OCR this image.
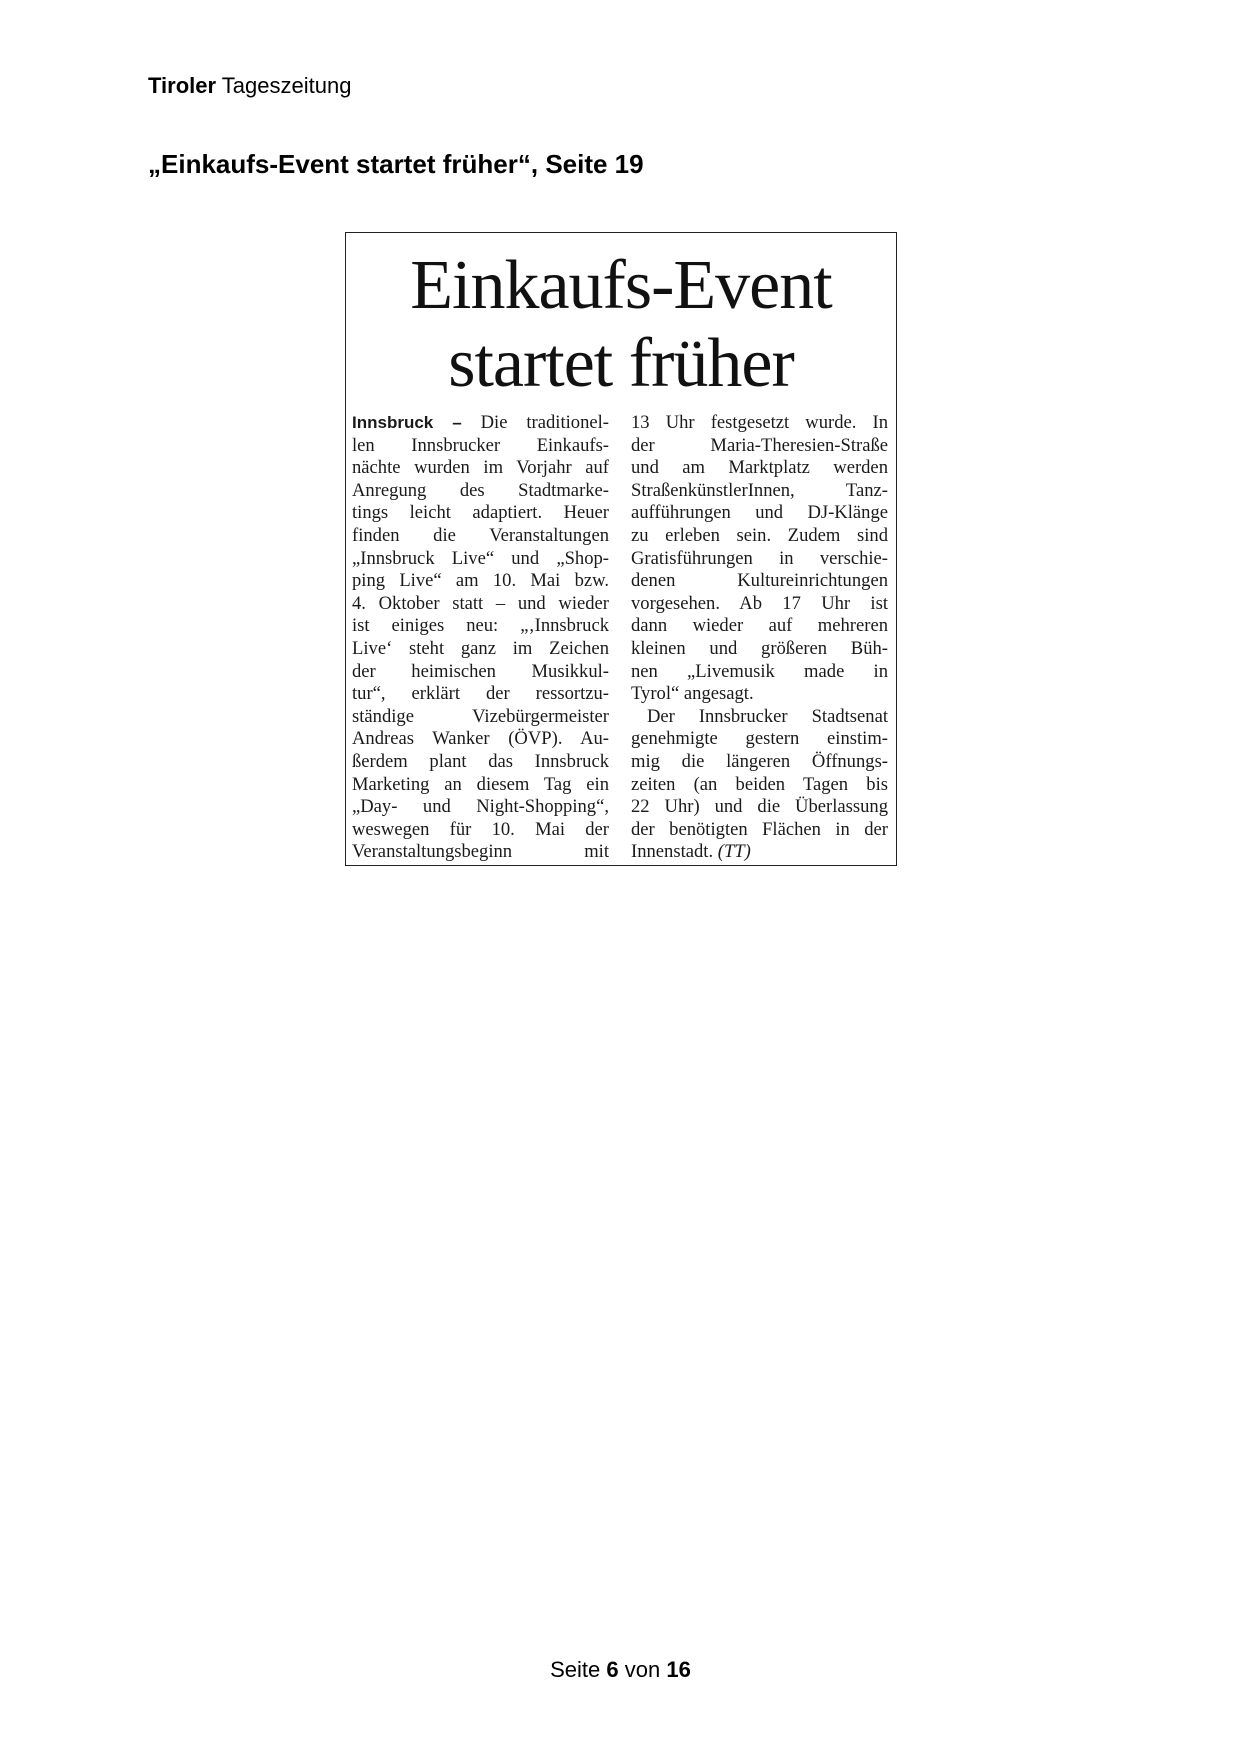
Tiroler Tageszeitung
„Einkaufs-Event startet früher“, Seite 19
Einkaufs-Event
startet früher
Innsbruck – Die traditionel-
len Innsbrucker Einkaufs-
nächte wurden im Vorjahr auf
Anregung des Stadtmarke-
tings leicht adaptiert. Heuer
finden die Veranstaltungen
„Innsbruck Live“ und „Shop-
ping Live“ am 10. Mai bzw.
4. Oktober statt – und wieder
ist einiges neu: „‚Innsbruck
Live‘ steht ganz im Zeichen
der heimischen Musikkul-
tur“, erklärt der ressortzu-
ständige Vizebürgermeister
Andreas Wanker (ÖVP). Au-
ßerdem plant das Innsbruck
Marketing an diesem Tag ein
„Day- und Night-Shopping“,
weswegen für 10. Mai der
Veranstaltungsbeginn mit
13 Uhr festgesetzt wurde. In
der Maria-Theresien-Straße
und am Marktplatz werden
StraßenkünstlerInnen, Tanz-
aufführungen und DJ-Klänge
zu erleben sein. Zudem sind
Gratisführungen in verschie-
denen Kultureinrichtungen
vorgesehen. Ab 17 Uhr ist
dann wieder auf mehreren
kleinen und größeren Büh-
nen „Livemusik made in
Tyrol“ angesagt.
Der Innsbrucker Stadtsenat
genehmigte gestern einstim-
mig die längeren Öffnungs-
zeiten (an beiden Tagen bis
22 Uhr) und die Überlassung
der benötigten Flächen in der
Innenstadt. (TT)
Seite 6 von 16
